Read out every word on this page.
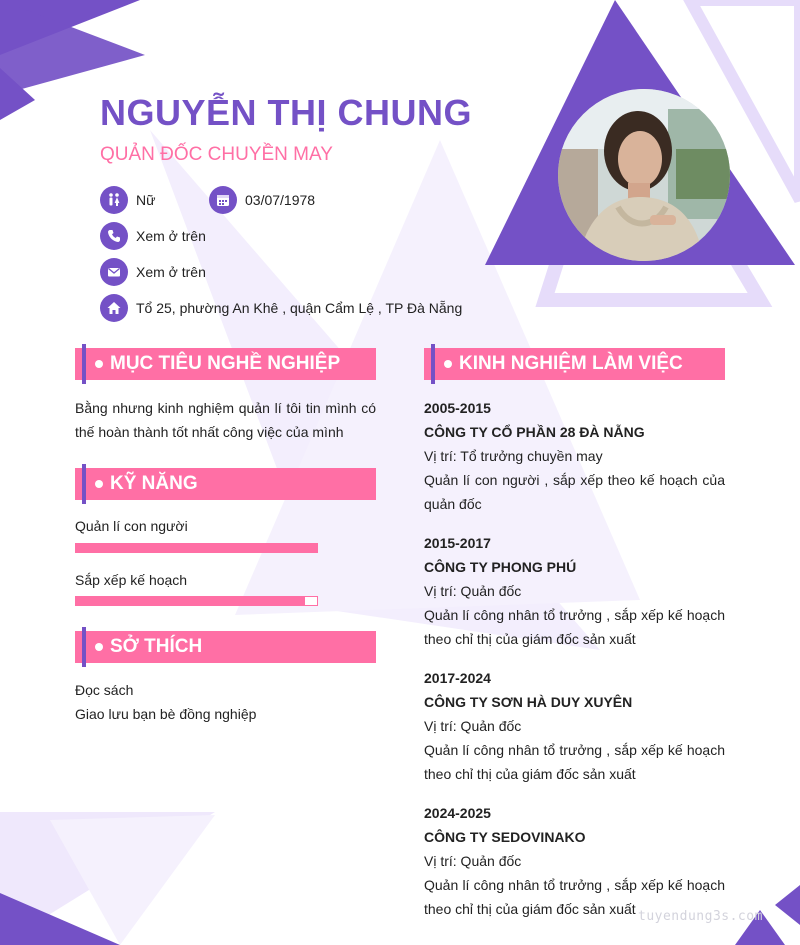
NGUYỄN THỊ CHUNG
QUẢN ĐỐC CHUYỀN MAY
Nữ	03/07/1978
Xem ở trên
Xem ở trên
Tổ 25, phường An Khê , quận Cẩm Lệ , TP Đà Nẵng
MỤC TIÊU NGHỀ NGHIỆP
Bằng nhưng kinh nghiệm quản lí tôi tin mình có thế hoàn thành tốt nhất công việc của mình
KỸ NĂNG
Quản lí con người
Sắp xếp kế hoạch
SỞ THÍCH
Đọc sách
Giao lưu bạn bè đồng nghiệp
KINH NGHIỆM LÀM VIỆC
2005-2015
CÔNG TY CỔ PHẦN 28 ĐÀ NẴNG
Vị trí: Tổ trưởng chuyền may
Quản lí con người , sắp xếp theo kế hoạch của quản đốc
2015-2017
CÔNG TY PHONG PHÚ
Vị trí: Quản đốc
Quản lí công nhân tổ trưởng , sắp xếp kế hoạch theo chỉ thị của giám đốc sản xuất
2017-2024
CÔNG TY SƠN HÀ DUY XUYÊN
Vị trí: Quản đốc
Quản lí công nhân tổ trưởng , sắp xếp kế hoạch theo chỉ thị của giám đốc sản xuất
2024-2025
CÔNG TY SEDOVINAKO
Vị trí: Quản đốc
Quản lí công nhân tổ trưởng , sắp xếp kế hoạch theo chỉ thị của giám đốc sản xuất tuyendung3s.com
